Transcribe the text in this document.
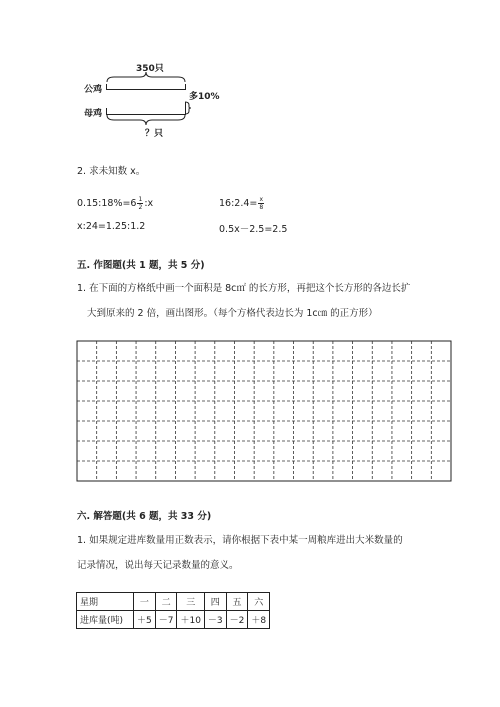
350只
公鸡
母鸡
多10%
？只
2. 求未知数 x。
0.15:18%=6 $\frac{1}{2}$ :x	16:2.4= $\frac{x}{8}$
x:24=1.25:1.2	0.5x－2.5=2.5
五. 作图题(共 1 题，共 5 分)
1. 在下面的方格纸中画一个面积是 8c㎡ 的长方形，再把这个长方形的各边长扩
大到原来的 2 倍，画出图形。（每个方格代表边长为 1c㎝ 的正方形）
六. 解答题(共 6 题，共 33 分)
1. 如果规定进库数量用正数表示，请你根据下表中某一周粮库进出大米数量的
记录情况，说出每天记录数量的意义。
星期	一	二	三	四	五	六
进库量(吨)	＋5	－7	＋10	－3	－2	＋8
